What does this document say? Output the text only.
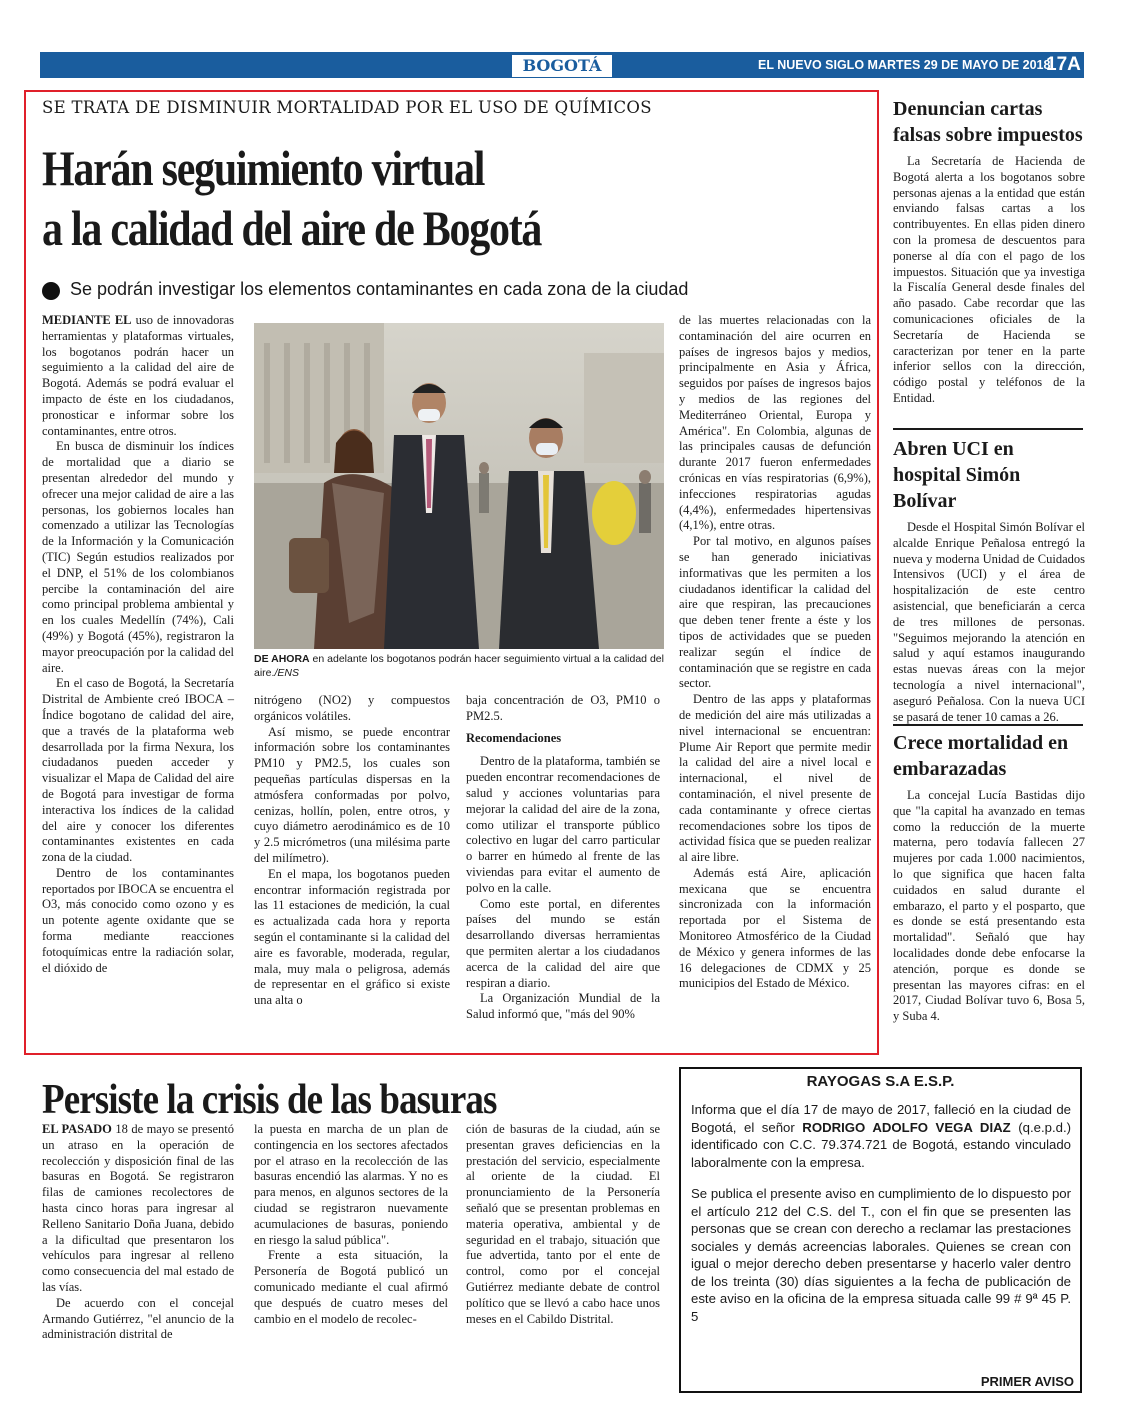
BOGOTÁ	EL NUEVO SIGLO MARTES 29 DE MAYO DE 2018
17A
SE TRATA DE DISMINUIR MORTALIDAD POR EL USO DE QUÍMICOS
Harán seguimiento virtual
a la calidad del aire de Bogotá
Se podrán investigar los elementos contaminantes en cada zona de la ciudad

MEDIANTE EL uso de innovadoras herramientas y plataformas virtuales, los bogotanos podrán hacer un seguimiento a la calidad del aire de Bogotá. Además se podrá evaluar el impacto de éste en los ciudadanos, pronosticar e informar sobre los contaminantes, entre otros.

En busca de disminuir los índices de mortalidad que a diario se presentan alrededor del mundo y ofrecer una mejor calidad de aire a las personas, los gobiernos locales han comenzado a utilizar las Tecnologías de la Información y la Comunicación (TIC) Según estudios realizados por el DNP, el 51% de los colombianos percibe la contaminación del aire como principal problema ambiental y en los cuales Medellín (74%), Cali (49%) y Bogotá (45%), registraron la mayor preocupación por la calidad del aire.

En el caso de Bogotá, la Secretaría Distrital de Ambiente creó IBOCA – Índice bogotano de calidad del aire, que a través de la plataforma web desarrollada por la firma Nexura, los ciudadanos pueden acceder y visualizar el Mapa de Calidad del aire de Bogotá para investigar de forma interactiva los índices de la calidad del aire y conocer los diferentes contaminantes existentes en cada zona de la ciudad.

Dentro de los contaminantes reportados por IBOCA se encuentra el O3, más conocido como ozono y es un potente agente oxidante que se forma mediante reacciones fotoquímicas entre la radiación solar, el dióxido de

DE AHORA en adelante los bogotanos podrán hacer seguimiento virtual a la calidad del aire./ENS

nitrógeno (NO2) y compuestos orgánicos volátiles.

Así mismo, se puede encontrar información sobre los contaminantes PM10 y PM2.5, los cuales son pequeñas partículas dispersas en la atmósfera conformadas por polvo, cenizas, hollín, polen, entre otros, y cuyo diámetro aerodinámico es de 10 y 2.5 micrómetros (una milésima parte del milímetro).

En el mapa, los bogotanos pueden encontrar información registrada por las 11 estaciones de medición, la cual es actualizada cada hora y reporta según el contaminante si la calidad del aire es favorable, moderada, regular, mala, muy mala o peligrosa, además de representar en el gráfico si existe una alta o

baja concentración de O3, PM10 o PM2.5.

Recomendaciones

Dentro de la plataforma, también se pueden encontrar recomendaciones de salud y acciones voluntarias para mejorar la calidad del aire de la zona, como utilizar el transporte público colectivo en lugar del carro particular o barrer en húmedo al frente de las viviendas para evitar el aumento de polvo en la calle.

Como este portal, en diferentes países del mundo se están desarrollando diversas herramientas que permiten alertar a los ciudadanos acerca de la calidad del aire que respiran a diario.

La Organización Mundial de la Salud informó que, "más del 90%

de las muertes relacionadas con la contaminación del aire ocurren en países de ingresos bajos y medios, principalmente en Asia y África, seguidos por países de ingresos bajos y medios de las regiones del Mediterráneo Oriental, Europa y América". En Colombia, algunas de las principales causas de defunción durante 2017 fueron enfermedades crónicas en vías respiratorias (6,9%), infecciones respiratorias agudas (4,4%), enfermedades hipertensivas (4,1%), entre otras.

Por tal motivo, en algunos países se han generado iniciativas informativas que les permiten a los ciudadanos identificar la calidad del aire que respiran, las precauciones que deben tener frente a éste y los tipos de actividades que se pueden realizar según el índice de contaminación que se registre en cada sector.

Dentro de las apps y plataformas de medición del aire más utilizadas a nivel internacional se encuentran: Plume Air Report que permite medir la calidad del aire a nivel local e internacional, el nivel de contaminación, el nivel presente de cada contaminante y ofrece ciertas recomendaciones sobre los tipos de actividad física que se pueden realizar al aire libre.

Además está Aire, aplicación mexicana que se encuentra sincronizada con la información reportada por el Sistema de Monitoreo Atmosférico de la Ciudad de México y genera informes de las 16 delegaciones de CDMX y 25 municipios del Estado de México.

Denuncian cartas falsas sobre impuestos

La Secretaría de Hacienda de Bogotá alerta a los bogotanos sobre personas ajenas a la entidad que están enviando falsas cartas a los contribuyentes. En ellas piden dinero con la promesa de descuentos para ponerse al día con el pago de los impuestos. Situación que ya investiga la Fiscalía General desde finales del año pasado. Cabe recordar que las comunicaciones oficiales de la Secretaría de Hacienda se caracterizan por tener en la parte inferior sellos con la dirección, código postal y teléfonos de la Entidad.

Abren UCI en hospital Simón Bolívar

Desde el Hospital Simón Bolívar el alcalde Enrique Peñalosa entregó la nueva y moderna Unidad de Cuidados Intensivos (UCI) y el área de hospitalización de este centro asistencial, que beneficiarán a cerca de tres millones de personas. "Seguimos mejorando la atención en salud y aquí estamos inaugurando estas nuevas áreas con la mejor tecnología a nivel internacional", aseguró Peñalosa. Con la nueva UCI se pasará de tener 10 camas a 26.

Crece mortalidad en embarazadas

La concejal Lucía Bastidas dijo que "la capital ha avanzado en temas como la reducción de la muerte materna, pero todavía fallecen 27 mujeres por cada 1.000 nacimientos, lo que significa que hacen falta cuidados en salud durante el embarazo, el parto y el posparto, que es donde se está presentando esta mortalidad". Señaló que hay localidades donde debe enfocarse la atención, porque es donde se presentan las mayores cifras: en el 2017, Ciudad Bolívar tuvo 6, Bosa 5, y Suba 4.

Persiste la crisis de las basuras

EL PASADO 18 de mayo se presentó un atraso en la operación de recolección y disposición final de las basuras en Bogotá. Se registraron filas de camiones recolectores de hasta cinco horas para ingresar al Relleno Sanitario Doña Juana, debido a la dificultad que presentaron los vehículos para ingresar al relleno como consecuencia del mal estado de las vías.

De acuerdo con el concejal Armando Gutiérrez, "el anuncio de la administración distrital de

la puesta en marcha de un plan de contingencia en los sectores afectados por el atraso en la recolección de las basuras encendió las alarmas. Y no es para menos, en algunos sectores de la ciudad se registraron nuevamente acumulaciones de basuras, poniendo en riesgo la salud pública".

Frente a esta situación, la Personería de Bogotá publicó un comunicado mediante el cual afirmó que después de cuatro meses del cambio en el modelo de recolec-

ción de basuras de la ciudad, aún se presentan graves deficiencias en la prestación del servicio, especialmente al oriente de la ciudad. El pronunciamiento de la Personería señaló que se presentan problemas en materia operativa, ambiental y de seguridad en el trabajo, situación que fue advertida, tanto por el ente de control, como por el concejal Gutiérrez mediante debate de control político que se llevó a cabo hace unos meses en el Cabildo Distrital.

RAYOGAS S.A E.S.P.
Informa que el día 17 de mayo de 2017, falleció en la ciudad de Bogotá, el señor RODRIGO ADOLFO VEGA DIAZ (q.e.p.d.) identificado con C.C. 79.374.721 de Bogotá, estando vinculado laboralmente con la empresa.
Se publica el presente aviso en cumplimiento de lo dispuesto por el artículo 212 del C.S. del T., con el fin que se presenten las personas que se crean con derecho a reclamar las prestaciones sociales y demás acreencias laborales. Quienes se crean con igual o mejor derecho deben presentarse y hacerlo valer dentro de los treinta (30) días siguientes a la fecha de publicación de este aviso en la oficina de la empresa situada calle 99 # 9ª 45 P. 5
PRIMER AVISO
